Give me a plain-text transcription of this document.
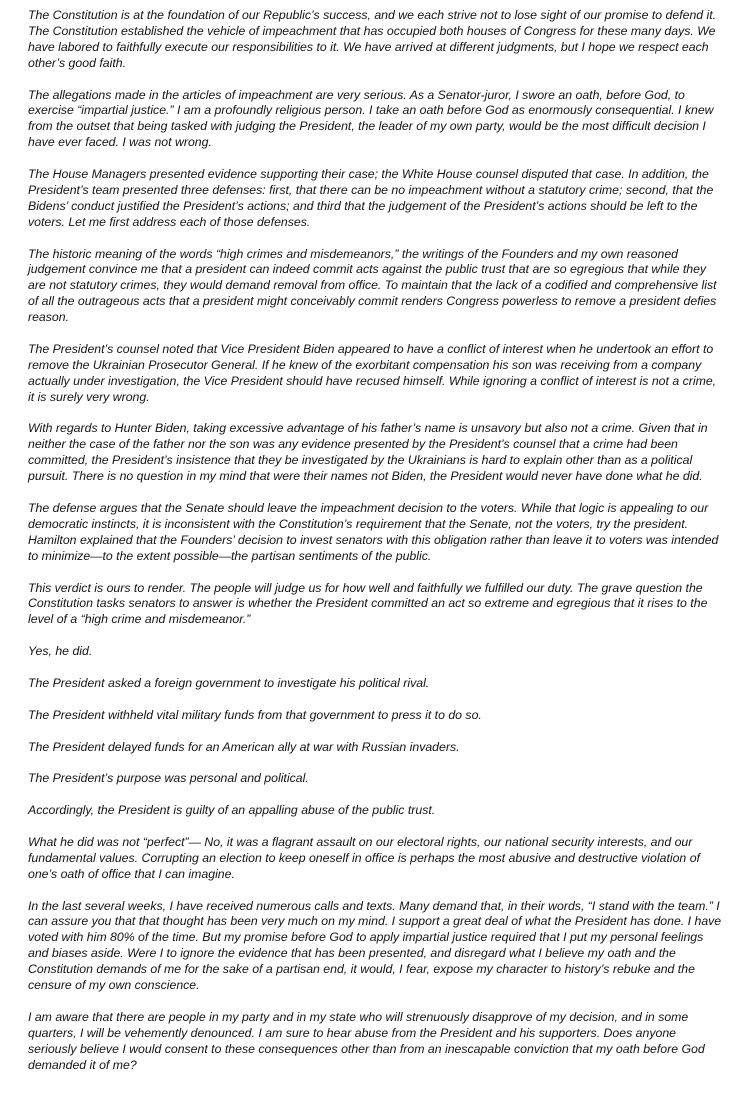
The Constitution is at the foundation of our Republic’s success, and we each strive not to lose sight of our promise to defend it. The Constitution established the vehicle of impeachment that has occupied both houses of Congress for these many days. We have labored to faithfully execute our responsibilities to it. We have arrived at different judgments, but I hope we respect each other’s good faith.

The allegations made in the articles of impeachment are very serious. As a Senator-juror, I swore an oath, before God, to exercise “impartial justice.” I am a profoundly religious person. I take an oath before God as enormously consequential. I knew from the outset that being tasked with judging the President, the leader of my own party, would be the most difficult decision I have ever faced. I was not wrong.

The House Managers presented evidence supporting their case; the White House counsel disputed that case. In addition, the President’s team presented three defenses: first, that there can be no impeachment without a statutory crime; second, that the Bidens’ conduct justified the President’s actions; and third that the judgement of the President’s actions should be left to the voters. Let me first address each of those defenses.

The historic meaning of the words “high crimes and misdemeanors,” the writings of the Founders and my own reasoned judgement convince me that a president can indeed commit acts against the public trust that are so egregious that while they are not statutory crimes, they would demand removal from office. To maintain that the lack of a codified and comprehensive list of all the outrageous acts that a president might conceivably commit renders Congress powerless to remove a president defies reason.

The President’s counsel noted that Vice President Biden appeared to have a conflict of interest when he undertook an effort to remove the Ukrainian Prosecutor General. If he knew of the exorbitant compensation his son was receiving from a company actually under investigation, the Vice President should have recused himself. While ignoring a conflict of interest is not a crime, it is surely very wrong.

With regards to Hunter Biden, taking excessive advantage of his father’s name is unsavory but also not a crime. Given that in neither the case of the father nor the son was any evidence presented by the President’s counsel that a crime had been committed, the President’s insistence that they be investigated by the Ukrainians is hard to explain other than as a political pursuit. There is no question in my mind that were their names not Biden, the President would never have done what he did.

The defense argues that the Senate should leave the impeachment decision to the voters. While that logic is appealing to our democratic instincts, it is inconsistent with the Constitution’s requirement that the Senate, not the voters, try the president. Hamilton explained that the Founders’ decision to invest senators with this obligation rather than leave it to voters was intended to minimize—to the extent possible—the partisan sentiments of the public.

This verdict is ours to render. The people will judge us for how well and faithfully we fulfilled our duty. The grave question the Constitution tasks senators to answer is whether the President committed an act so extreme and egregious that it rises to the level of a “high crime and misdemeanor.”

Yes, he did.

The President asked a foreign government to investigate his political rival.

The President withheld vital military funds from that government to press it to do so.

The President delayed funds for an American ally at war with Russian invaders.

The President’s purpose was personal and political.

Accordingly, the President is guilty of an appalling abuse of the public trust.

What he did was not “perfect”— No, it was a flagrant assault on our electoral rights, our national security interests, and our fundamental values. Corrupting an election to keep oneself in office is perhaps the most abusive and destructive violation of one’s oath of office that I can imagine.

In the last several weeks, I have received numerous calls and texts. Many demand that, in their words, “I stand with the team.” I can assure you that that thought has been very much on my mind. I support a great deal of what the President has done. I have voted with him 80% of the time. But my promise before God to apply impartial justice required that I put my personal feelings and biases aside. Were I to ignore the evidence that has been presented, and disregard what I believe my oath and the Constitution demands of me for the sake of a partisan end, it would, I fear, expose my character to history’s rebuke and the censure of my own conscience.

I am aware that there are people in my party and in my state who will strenuously disapprove of my decision, and in some quarters, I will be vehemently denounced. I am sure to hear abuse from the President and his supporters. Does anyone seriously believe I would consent to these consequences other than from an inescapable conviction that my oath before God demanded it of me?
